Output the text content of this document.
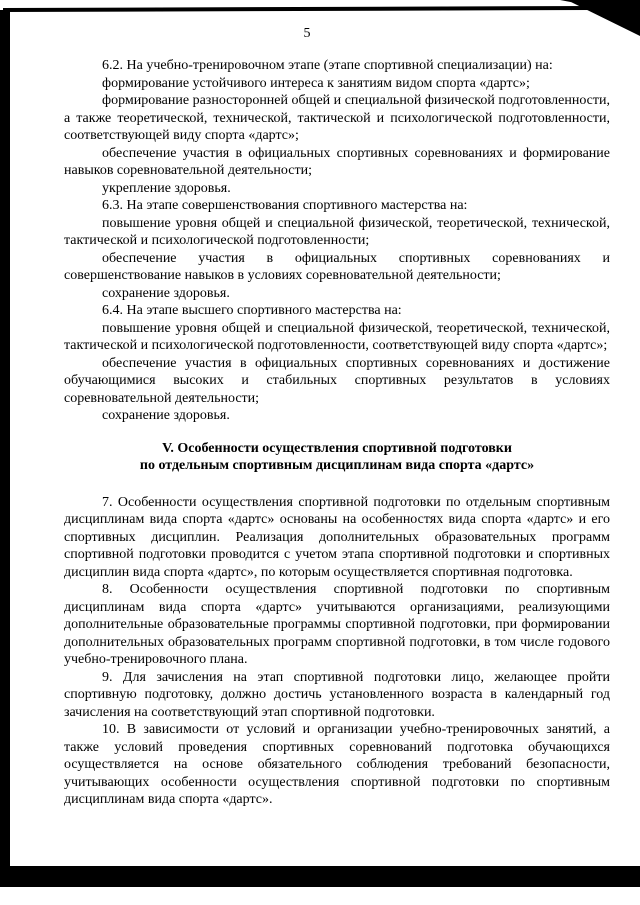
5

6.2. На учебно-тренировочном этапе (этапе спортивной специализации) на:

формирование устойчивого интереса к занятиям видом спорта «дартс»;

формирование разносторонней общей и специальной физической подготовленности, а также теоретической, технической, тактической и психологической подготовленности, соответствующей виду спорта «дартс»;

обеспечение участия в официальных спортивных соревнованиях и формирование навыков соревновательной деятельности;

укрепление здоровья.

6.3. На этапе совершенствования спортивного мастерства на:

повышение уровня общей и специальной физической, теоретической, технической, тактической и психологической подготовленности;

обеспечение участия в официальных спортивных соревнованиях и совершенствование навыков в условиях соревновательной деятельности;

сохранение здоровья.

6.4. На этапе высшего спортивного мастерства на:

повышение уровня общей и специальной физической, теоретической, технической, тактической и психологической подготовленности, соответствующей виду спорта «дартс»;

обеспечение участия в официальных спортивных соревнованиях и достижение обучающимися высоких и стабильных спортивных результатов в условиях соревновательной деятельности;

сохранение здоровья.

V. Особенности осуществления спортивной подготовки
по отдельным спортивным дисциплинам вида спорта «дартс»

7. Особенности осуществления спортивной подготовки по отдельным спортивным дисциплинам вида спорта «дартс» основаны на особенностях вида спорта «дартс» и его спортивных дисциплин. Реализация дополнительных образовательных программ спортивной подготовки проводится с учетом этапа спортивной подготовки и спортивных дисциплин вида спорта «дартс», по которым осуществляется спортивная подготовка.

8. Особенности осуществления спортивной подготовки по спортивным дисциплинам вида спорта «дартс» учитываются организациями, реализующими дополнительные образовательные программы спортивной подготовки, при формировании дополнительных образовательных программ спортивной подготовки, в том числе годового учебно-тренировочного плана.

9. Для зачисления на этап спортивной подготовки лицо, желающее пройти спортивную подготовку, должно достичь установленного возраста в календарный год зачисления на соответствующий этап спортивной подготовки.

10. В зависимости от условий и организации учебно-тренировочных занятий, а также условий проведения спортивных соревнований подготовка обучающихся осуществляется на основе обязательного соблюдения требований безопасности, учитывающих особенности осуществления спортивной подготовки по спортивным дисциплинам вида спорта «дартс».
